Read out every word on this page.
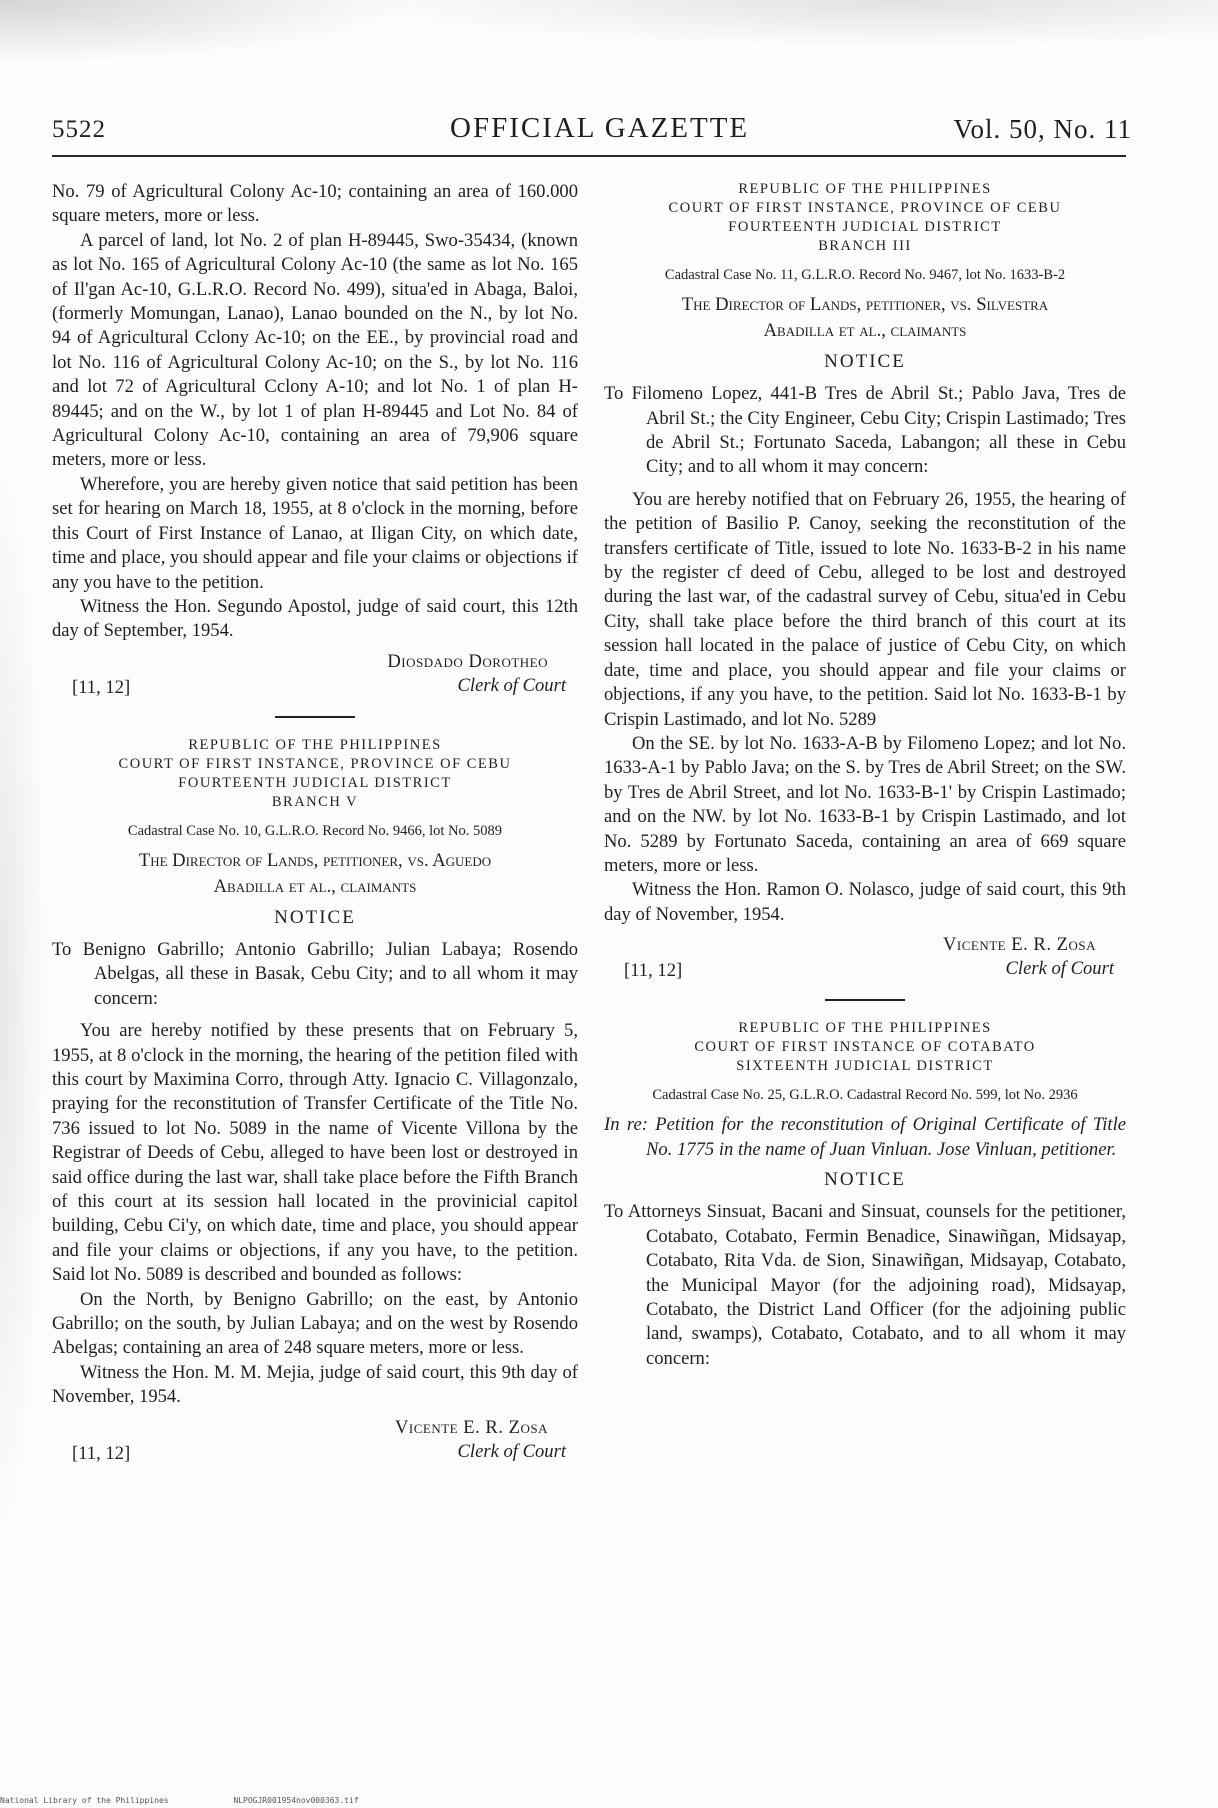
5522	OFFICIAL GAZETTE	Vol. 50, No. 11

No. 79 of Agricultural Colony Ac-10; containing an area of 160.000 square meters, more or less.

A parcel of land, lot No. 2 of plan H-89445, Swo-35434, (known as lot No. 165 of Agricultural Colony Ac-10 (the same as lot No. 165 of Il'gan Ac-10, G.L.R.O. Record No. 499), situa'ed in Abaga, Baloi, (formerly Momungan, Lanao), Lanao bounded on the N., by lot No. 94 of Agricultural Cclony Ac-10; on the EE., by provincial road and lot No. 116 of Agricultural Colony Ac-10; on the S., by lot No. 116 and lot 72 of Agricultural Cclony A-10; and lot No. 1 of plan H-89445; and on the W., by lot 1 of plan H-89445 and Lot No. 84 of Agricultural Colony Ac-10, containing an area of 79,906 square meters, more or less.

Wherefore, you are hereby given notice that said petition has been set for hearing on March 18, 1955, at 8 o'clock in the morning, before this Court of First Instance of Lanao, at Iligan City, on which date, time and place, you should appear and file your claims or objections if any you have to the petition.

Witness the Hon. Segundo Apostol, judge of said court, this 12th day of September, 1954.

Diosdado Dorotheo
Clerk of Court
[11, 12]

REPUBLIC OF THE PHILIPPINES

COURT OF FIRST INSTANCE, PROVINCE OF CEBU

FOURTEENTH JUDICIAL DISTRICT

BRANCH V

Cadastral Case No. 10, G.L.R.O. Record No. 9466, lot No. 5089

The Director of Lands, petitioner, vs. Aguedo

Abadilla et al., claimants

NOTICE

To Benigno Gabrillo; Antonio Gabrillo; Julian Labaya; Rosendo Abelgas, all these in Basak, Cebu City; and to all whom it may concern:

You are hereby notified by these presents that on February 5, 1955, at 8 o'clock in the morning, the hearing of the petition filed with this court by Maximina Corro, through Atty. Ignacio C. Villagonzalo, praying for the reconstitution of Transfer Certificate of the Title No. 736 issued to lot No. 5089 in the name of Vicente Villona by the Registrar of Deeds of Cebu, alleged to have been lost or destroyed in said office during the last war, shall take place before the Fifth Branch of this court at its session hall located in the provinicial capitol building, Cebu Ci'y, on which date, time and place, you should appear and file your claims or objections, if any you have, to the petition. Said lot No. 5089 is described and bounded as follows:

On the North, by Benigno Gabrillo; on the east, by Antonio Gabrillo; on the south, by Julian Labaya; and on the west by Rosendo Abelgas; containing an area of 248 square meters, more or less.

Witness the Hon. M. M. Mejia, judge of said court, this 9th day of November, 1954.

Vicente E. R. Zosa
Clerk of Court
[11, 12]

REPUBLIC OF THE PHILIPPINES

COURT OF FIRST INSTANCE, PROVINCE OF CEBU

FOURTEENTH JUDICIAL DISTRICT

BRANCH III

Cadastral Case No. 11, G.L.R.O. Record No. 9467, lot No. 1633-B-2

The Director of Lands, petitioner, vs. Silvestra

Abadilla et al., claimants

NOTICE

To Filomeno Lopez, 441-B Tres de Abril St.; Pablo Java, Tres de Abril St.; the City Engineer, Cebu City; Crispin Lastimado; Tres de Abril St.; Fortunato Saceda, Labangon; all these in Cebu City; and to all whom it may concern:

You are hereby notified that on February 26, 1955, the hearing of the petition of Basilio P. Canoy, seeking the reconstitution of the transfers certificate of Title, issued to lote No. 1633-B-2 in his name by the register cf deed of Cebu, alleged to be lost and destroyed during the last war, of the cadastral survey of Cebu, situa'ed in Cebu City, shall take place before the third branch of this court at its session hall located in the palace of justice of Cebu City, on which date, time and place, you should appear and file your claims or objections, if any you have, to the petition. Said lot No. 1633-B-1 by Crispin Lastimado, and lot No. 5289

On the SE. by lot No. 1633-A-B by Filomeno Lopez; and lot No. 1633-A-1 by Pablo Java; on the S. by Tres de Abril Street; on the SW. by Tres de Abril Street, and lot No. 1633-B-1' by Crispin Lastimado; and on the NW. by lot No. 1633-B-1 by Crispin Lastimado, and lot No. 5289 by Fortunato Saceda, containing an area of 669 square meters, more or less.

Witness the Hon. Ramon O. Nolasco, judge of said court, this 9th day of November, 1954.

Vicente E. R. Zosa
Clerk of Court
[11, 12]

REPUBLIC OF THE PHILIPPINES

COURT OF FIRST INSTANCE OF COTABATO

SIXTEENTH JUDICIAL DISTRICT

Cadastral Case No. 25, G.L.R.O. Cadastral Record No. 599, lot No. 2936

In re: Petition for the reconstitution of Original Certificate of Title No. 1775 in the name of Juan Vinluan. Jose Vinluan, petitioner.

NOTICE

To Attorneys Sinsuat, Bacani and Sinsuat, counsels for the petitioner, Cotabato, Cotabato, Fermin Benadice, Sinawiñgan, Midsayap, Cotabato, Rita Vda. de Sion, Sinawiñgan, Midsayap, Cotabato, the Municipal Mayor (for the adjoining road), Midsayap, Cotabato, the District Land Officer (for the adjoining public land, swamps), Cotabato, Cotabato, and to all whom it may concern:

National Library of the Philippines	NLPOGJR001954nov000363.tif
